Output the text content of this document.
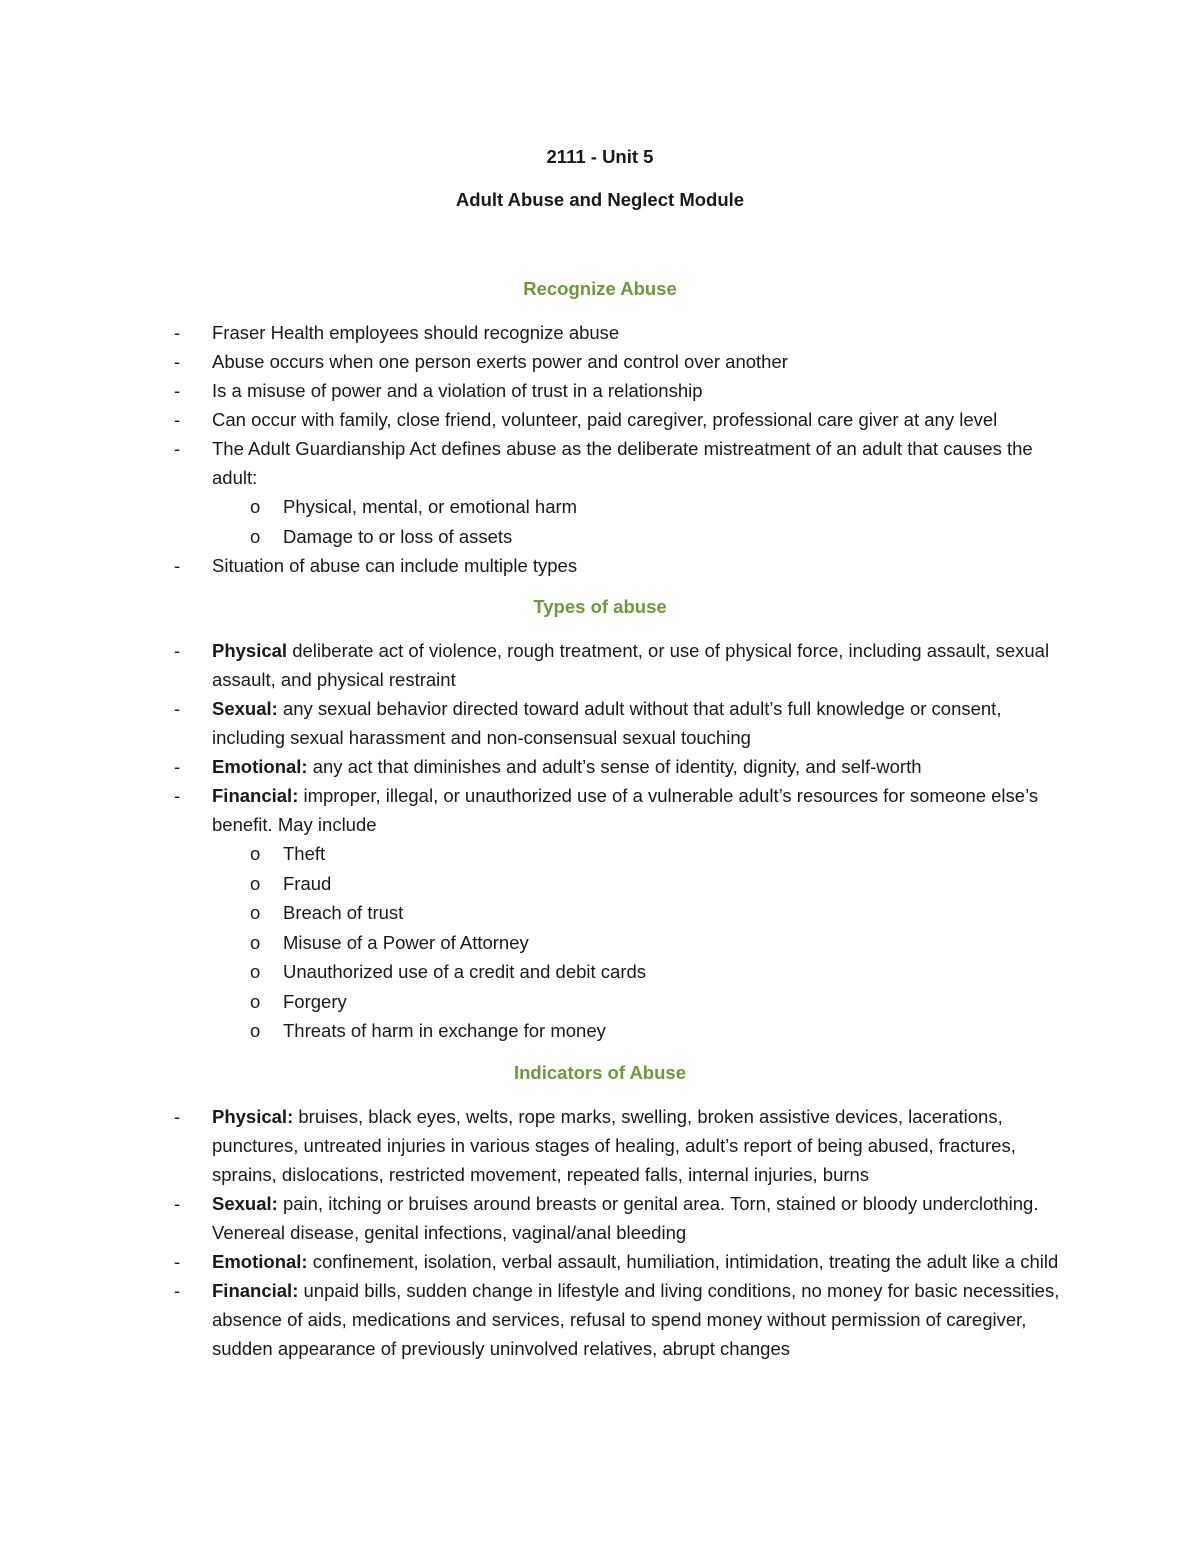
2111 - Unit 5
Adult Abuse and Neglect Module
Recognize Abuse
-	Fraser Health employees should recognize abuse
-	Abuse occurs when one person exerts power and control over another
-	Is a misuse of power and a violation of trust in a relationship
-	Can occur with family, close friend, volunteer, paid caregiver, professional care giver at any level
-	The Adult Guardianship Act defines abuse as the deliberate mistreatment of an adult that causes the adult:
o	Physical, mental, or emotional harm
o	Damage to or loss of assets
-	Situation of abuse can include multiple types
Types of abuse
-	Physical deliberate act of violence, rough treatment, or use of physical force, including assault, sexual assault, and physical restraint
-	Sexual: any sexual behavior directed toward adult without that adult’s full knowledge or consent, including sexual harassment and non-consensual sexual touching
-	Emotional: any act that diminishes and adult’s sense of identity, dignity, and self-worth
-	Financial: improper, illegal, or unauthorized use of a vulnerable adult’s resources for someone else’s benefit. May include
o	Theft
o	Fraud
o	Breach of trust
o	Misuse of a Power of Attorney
o	Unauthorized use of a credit and debit cards
o	Forgery
o	Threats of harm in exchange for money
Indicators of Abuse
-	Physical: bruises, black eyes, welts, rope marks, swelling, broken assistive devices, lacerations, punctures, untreated injuries in various stages of healing, adult’s report of being abused, fractures, sprains, dislocations, restricted movement, repeated falls, internal injuries, burns
-	Sexual: pain, itching or bruises around breasts or genital area. Torn, stained or bloody underclothing. Venereal disease, genital infections, vaginal/anal bleeding
-	Emotional: confinement, isolation, verbal assault, humiliation, intimidation, treating the adult like a child
-	Financial: unpaid bills, sudden change in lifestyle and living conditions, no money for basic necessities, absence of aids, medications and services, refusal to spend money without permission of caregiver, sudden appearance of previously uninvolved relatives, abrupt changes
